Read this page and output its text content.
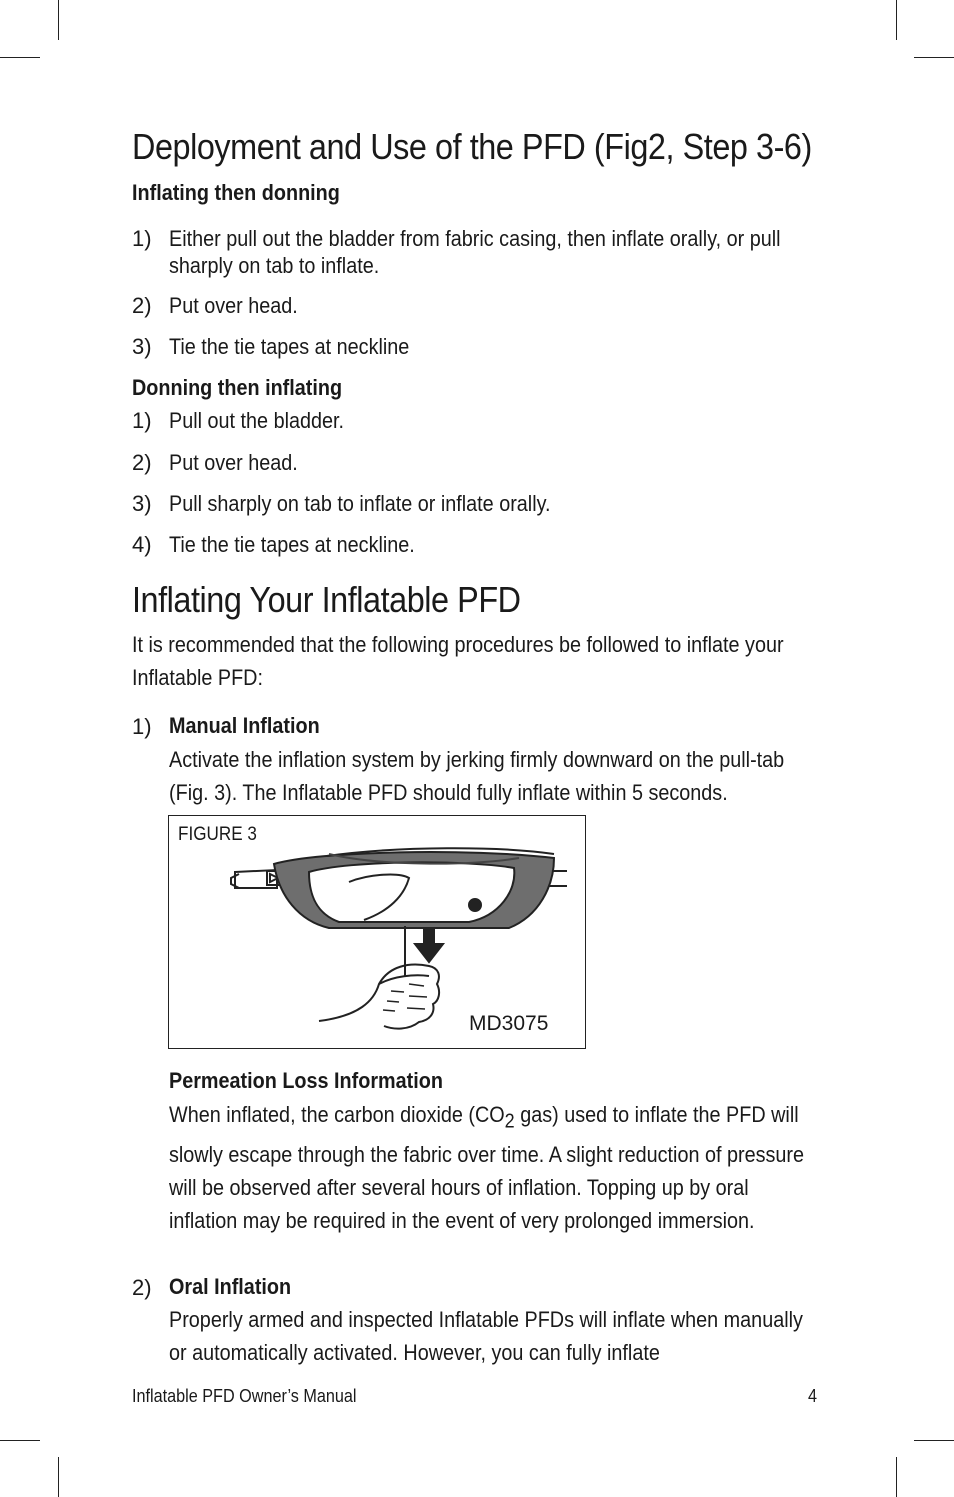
Deployment and Use of the PFD (Fig2, Step 3-6)
Inflating then donning
1) Either pull out the bladder from fabric casing, then inflate orally, or pull sharply on tab to inflate.
2) Put over head.
3) Tie the tie tapes at neckline
Donning then inflating
1) Pull out the bladder.
2) Put over head.
3) Pull sharply on tab to inflate or inflate orally.
4) Tie the tie tapes at neckline.
Inflating Your Inflatable PFD
It is recommended that the following procedures be followed to inflate your Inflatable PFD:
1) Manual Inflation
Activate the inflation system by jerking firmly downward on the pull-tab (Fig. 3). The Inflatable PFD should fully inflate within 5 seconds.
FIGURE 3
MD3075
Permeation Loss Information
When inflated, the carbon dioxide ($CO_2$ gas) used to inflate the PFD will slowly escape through the fabric over time. A slight reduction of pressure will be observed after several hours of inflation. Topping up by oral inflation may be required in the event of very prolonged immersion.
2) Oral Inflation
Properly armed and inspected Inflatable PFDs will inflate when manually or automatically activated. However, you can fully inflate
Inflatable PFD Owner’s Manual	4
